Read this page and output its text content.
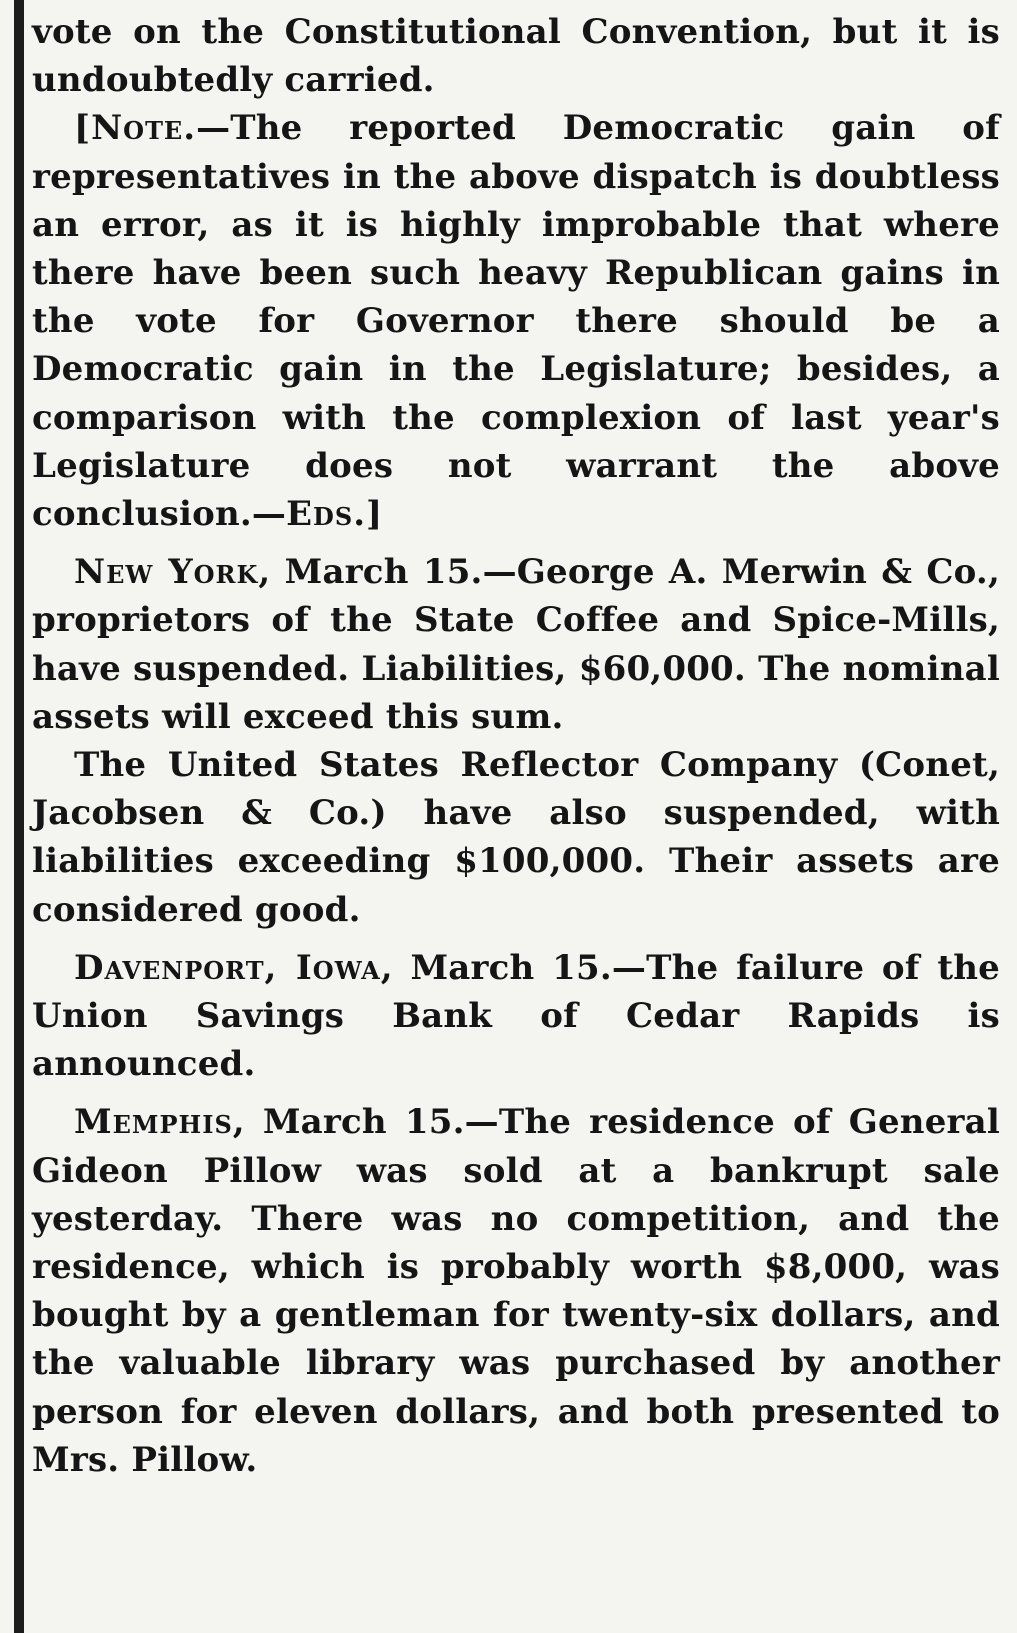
vote on the Constitutional Convention, but it is undoubtedly carried.

[Note.—The reported Democratic gain of representatives in the above dispatch is doubtless an error, as it is highly improbable that where there have been such heavy Republican gains in the vote for Governor there should be a Democratic gain in the Legislature; besides, a comparison with the complexion of last year's Legislature does not warrant the above conclusion.—Eds.]

New York, March 15.—George A. Merwin & Co., proprietors of the State Coffee and Spice-Mills, have suspended. Liabilities, $60,000. The nominal assets will exceed this sum.

The United States Reflector Company (Conet, Jacobsen & Co.) have also suspended, with liabilities exceeding $100,000. Their assets are considered good.

Davenport, Iowa, March 15.—The failure of the Union Savings Bank of Cedar Rapids is announced.

Memphis, March 15.—The residence of General Gideon Pillow was sold at a bankrupt sale yesterday. There was no competition, and the residence, which is probably worth $8,000, was bought by a gentleman for twenty-six dollars, and the valuable library was purchased by another person for eleven dollars, and both presented to Mrs. Pillow.
